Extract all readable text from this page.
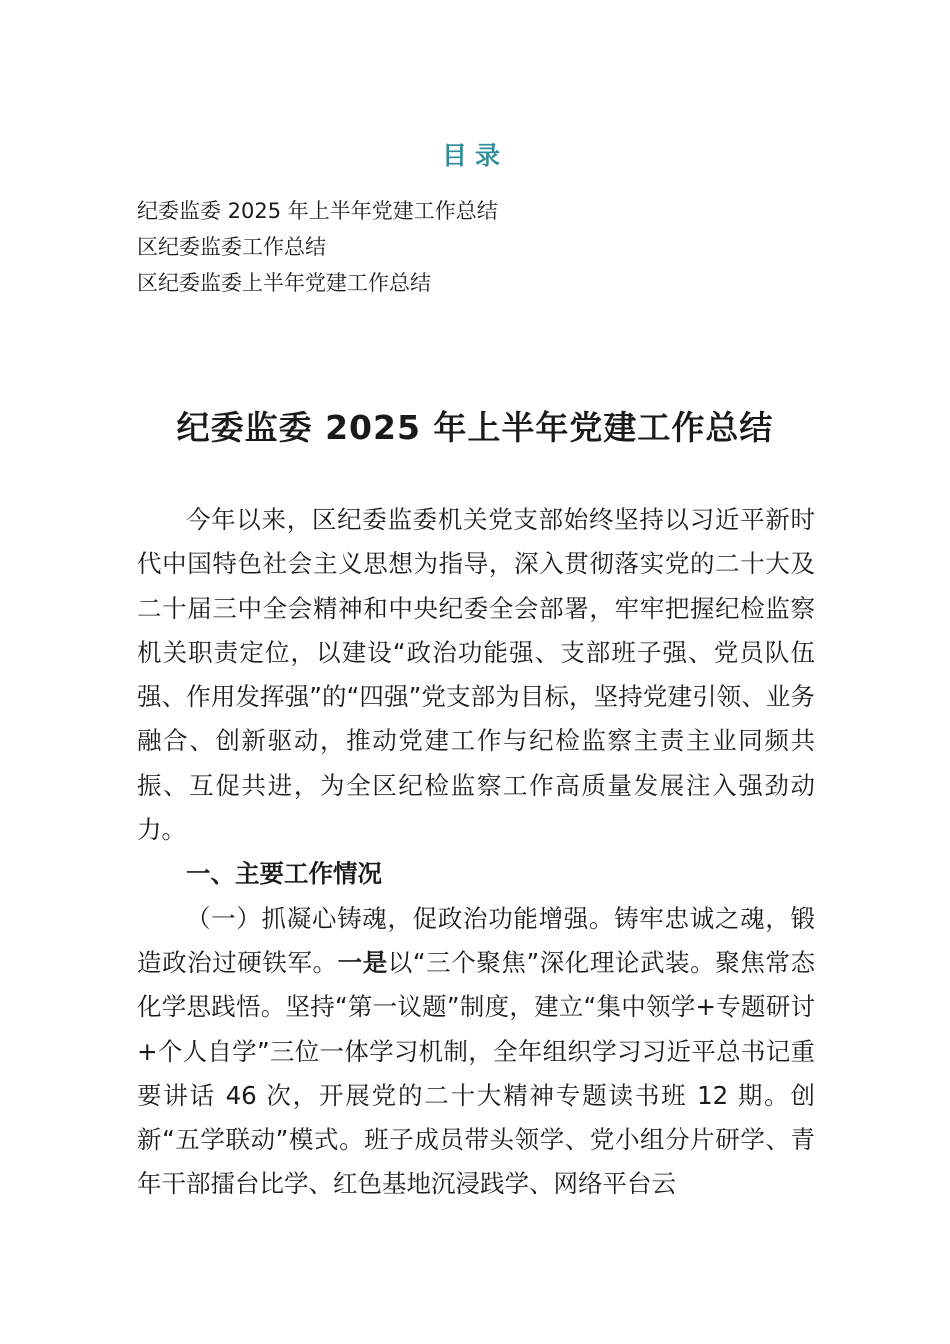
目录
纪委监委 2025 年上半年党建工作总结
区纪委监委工作总结
区纪委监委上半年党建工作总结
纪委监委 2025 年上半年党建工作总结

今年以来，区纪委监委机关党支部始终坚持以习近平新时代中国特色社会主义思想为指导，深入贯彻落实党的二十大及二十届三中全会精神和中央纪委全会部署，牢牢把握纪检监察机关职责定位，以建设“政治功能强、支部班子强、党员队伍强、作用发挥强”的“四强”党支部为目标，坚持党建引领、业务融合、创新驱动，推动党建工作与纪检监察主责主业同频共振、互促共进，为全区纪检监察工作高质量发展注入强劲动力。

一、主要工作情况

（一）抓凝心铸魂，促政治功能增强。铸牢忠诚之魂，锻造政治过硬铁军。一是以“三个聚焦”深化理论武装。聚焦常态化学思践悟。坚持“第一议题”制度，建立“集中领学+专题研讨+个人自学”三位一体学习机制，全年组织学习习近平总书记重要讲话 46 次，开展党的二十大精神专题读书班 12 期。创新“五学联动”模式。班子成员带头领学、党小组分片研学、青年干部擂台比学、红色基地沉浸践学、网络平台云
